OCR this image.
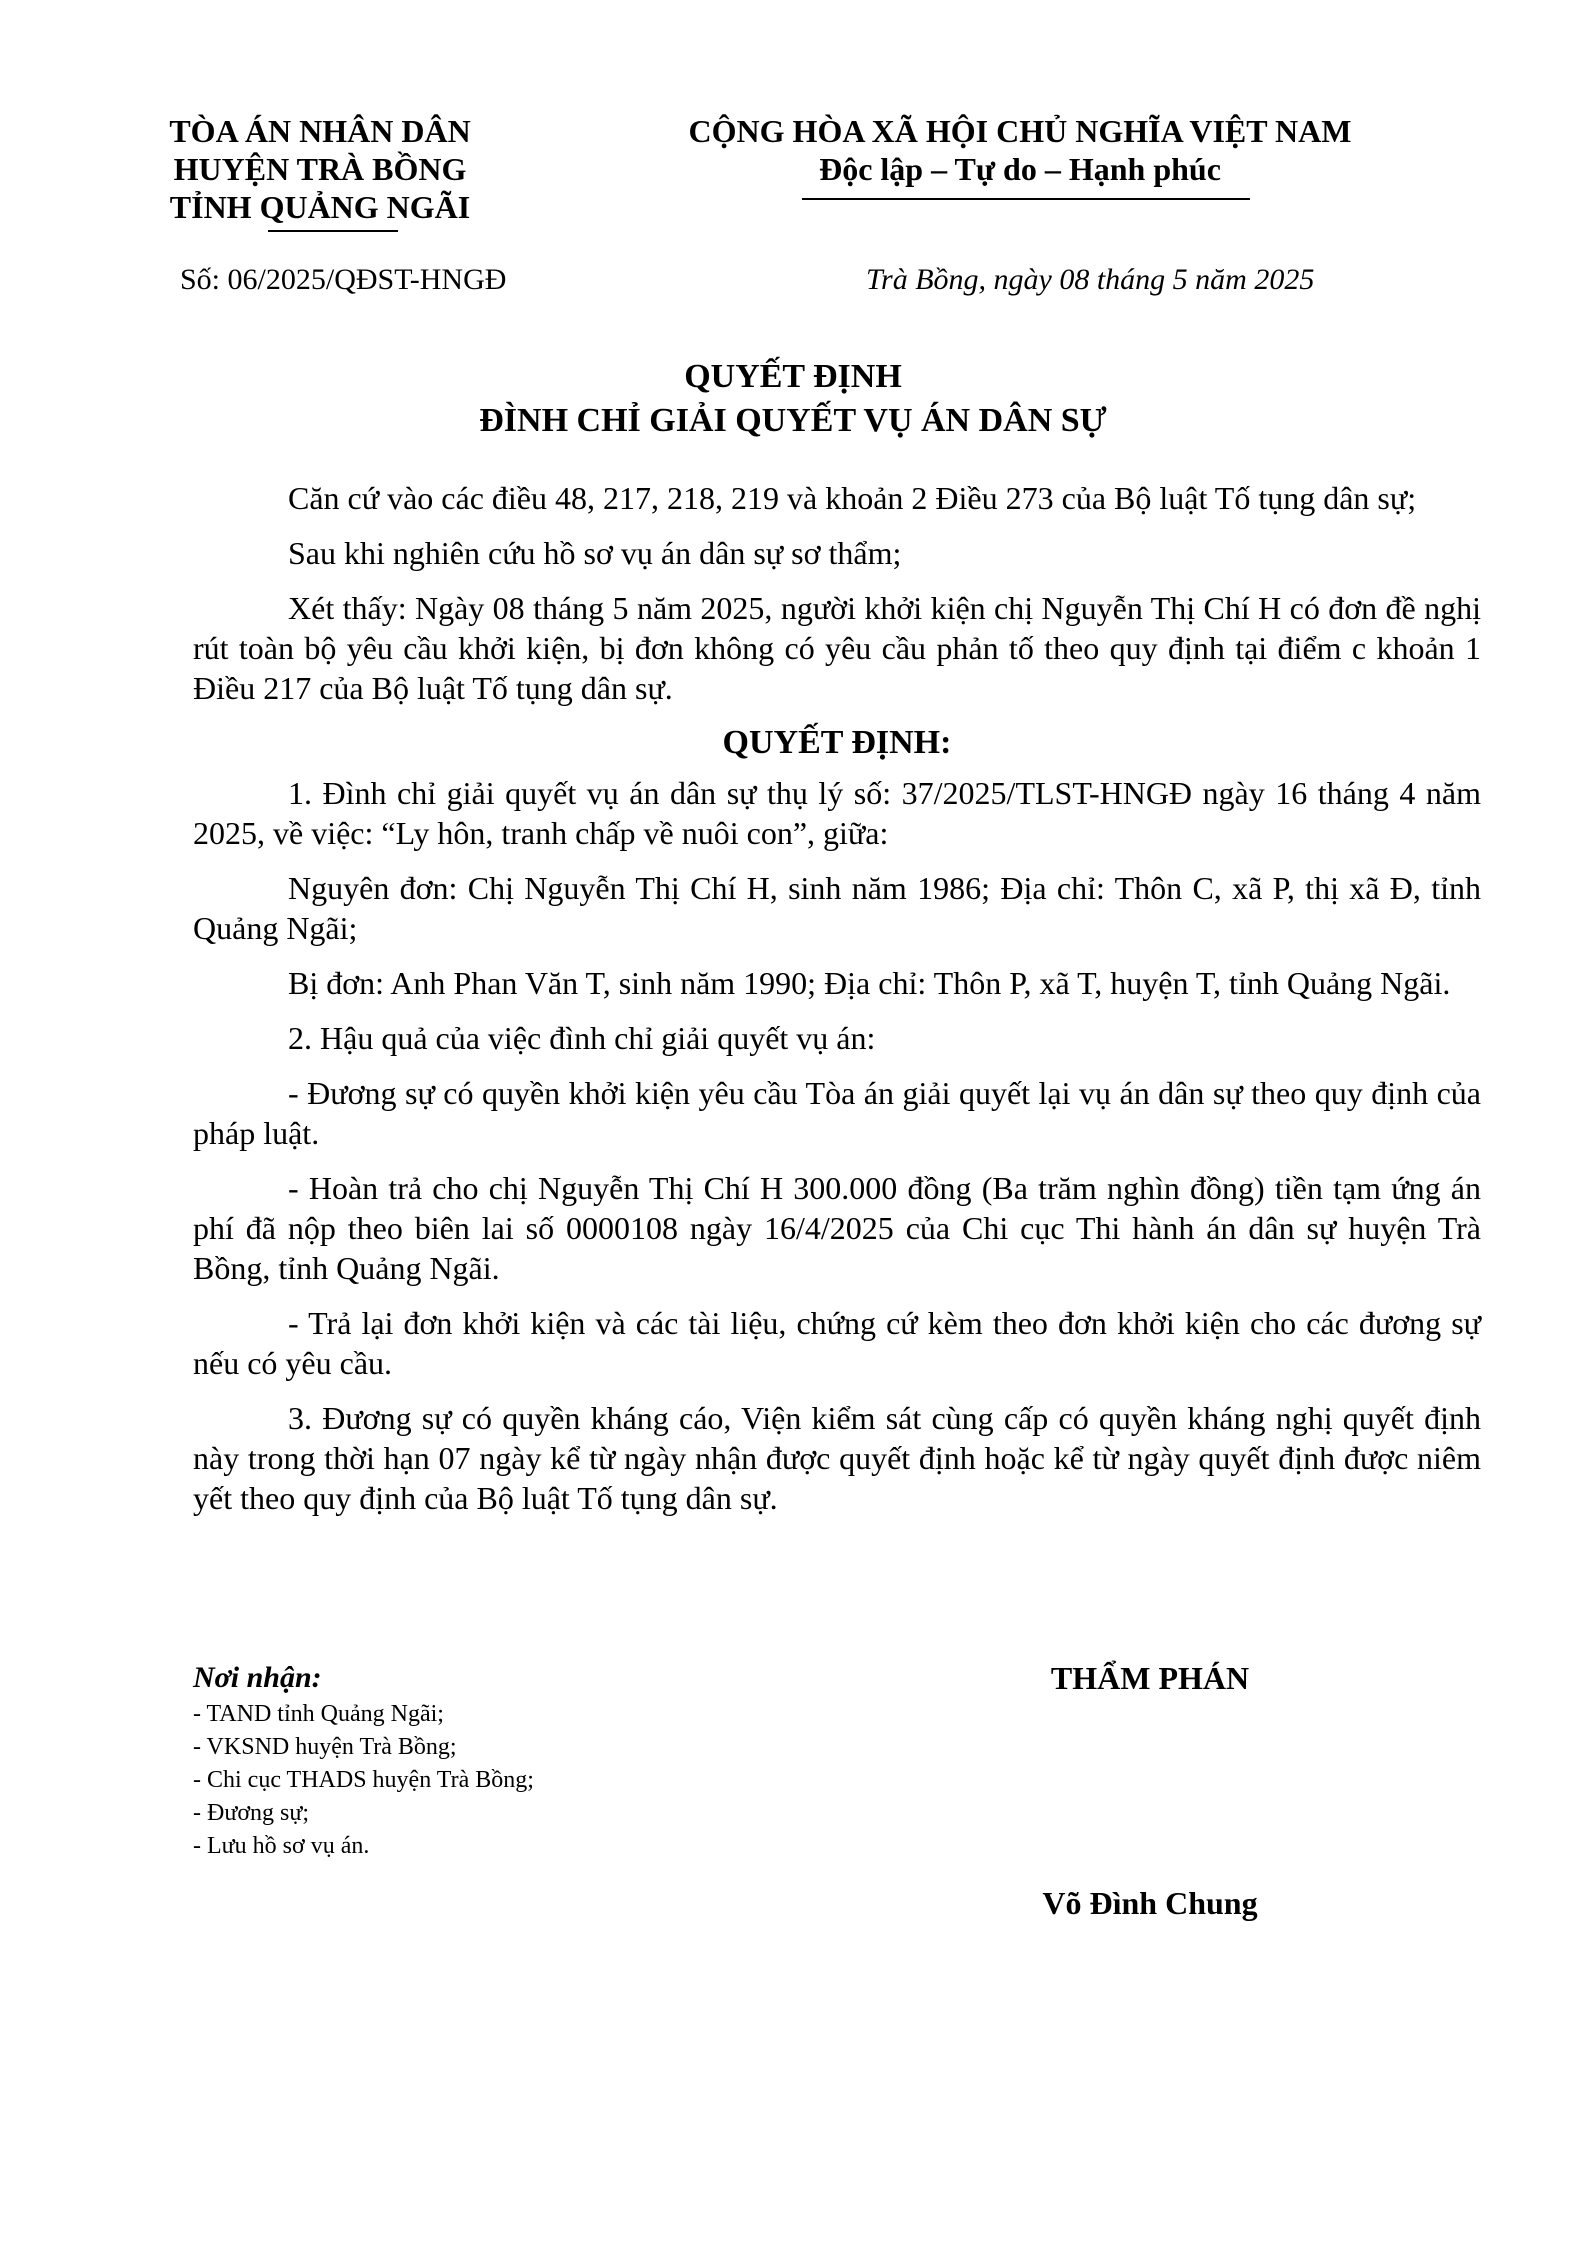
TÒA ÁN NHÂN DÂN
HUYỆN TRÀ BỒNG
TỈNH QUẢNG NGÃI
CỘNG HÒA XÃ HỘI CHỦ NGHĨA VIỆT NAM
Độc lập – Tự do – Hạnh phúc
Số: 06/2025/QĐST-HNGĐ	Trà Bồng, ngày 08 tháng 5 năm 2025
QUYẾT ĐỊNH
ĐÌNH CHỈ GIẢI QUYẾT VỤ ÁN DÂN SỰ

Căn cứ vào các điều 48, 217, 218, 219 và khoản 2 Điều 273 của Bộ luật Tố tụng dân sự;

Sau khi nghiên cứu hồ sơ vụ án dân sự sơ thẩm;

Xét thấy: Ngày 08 tháng 5 năm 2025, người khởi kiện chị Nguyễn Thị Chí H có đơn đề nghị rút toàn bộ yêu cầu khởi kiện, bị đơn không có yêu cầu phản tố theo quy định tại điểm c khoản 1 Điều 217 của Bộ luật Tố tụng dân sự.

QUYẾT ĐỊNH:

1. Đình chỉ giải quyết vụ án dân sự thụ lý số: 37/2025/TLST-HNGĐ ngày 16 tháng 4 năm 2025, về việc: “Ly hôn, tranh chấp về nuôi con”, giữa:

Nguyên đơn: Chị Nguyễn Thị Chí H, sinh năm 1986; Địa chỉ: Thôn C, xã P, thị xã Đ, tỉnh Quảng Ngãi;

Bị đơn: Anh Phan Văn T, sinh năm 1990; Địa chỉ: Thôn P, xã T, huyện T, tỉnh Quảng Ngãi.

2. Hậu quả của việc đình chỉ giải quyết vụ án:

- Đương sự có quyền khởi kiện yêu cầu Tòa án giải quyết lại vụ án dân sự theo quy định của pháp luật.

- Hoàn trả cho chị Nguyễn Thị Chí H 300.000 đồng (Ba trăm nghìn đồng) tiền tạm ứng án phí đã nộp theo biên lai số 0000108 ngày 16/4/2025 của Chi cục Thi hành án dân sự huyện Trà Bồng, tỉnh Quảng Ngãi.

- Trả lại đơn khởi kiện và các tài liệu, chứng cứ kèm theo đơn khởi kiện cho các đương sự nếu có yêu cầu.

3. Đương sự có quyền kháng cáo, Viện kiểm sát cùng cấp có quyền kháng nghị quyết định này trong thời hạn 07 ngày kể từ ngày nhận được quyết định hoặc kể từ ngày quyết định được niêm yết theo quy định của Bộ luật Tố tụng dân sự.

Nơi nhận:
- TAND tỉnh Quảng Ngãi;
- VKSND huyện Trà Bồng;
- Chi cục THADS huyện Trà Bồng;
- Đương sự;
- Lưu hồ sơ vụ án.
THẨM PHÁN
Võ Đình Chung
